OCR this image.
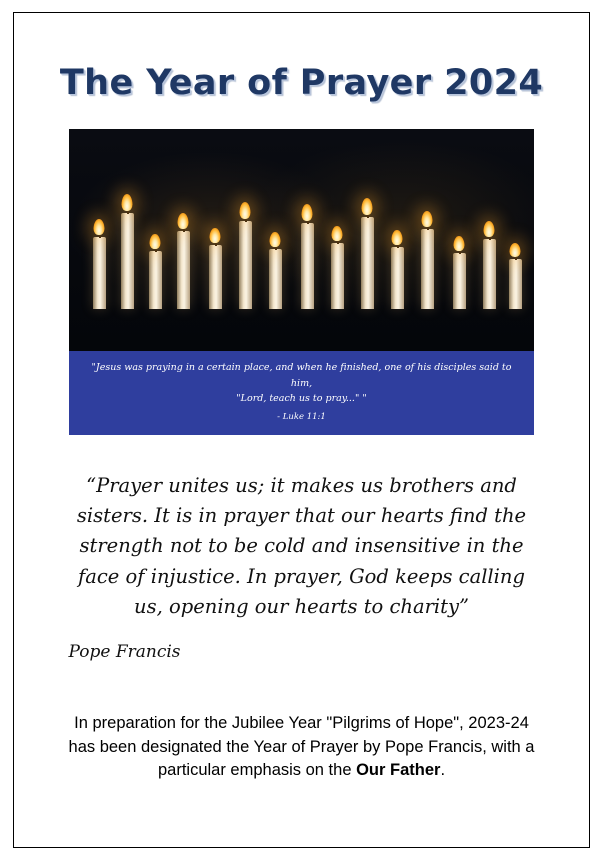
The Year of Prayer 2024
"Jesus was praying in a certain place, and when he finished, one of his disciples said to him,
"Lord, teach us to pray..." "
- Luke 11:1

“Prayer unites us; it makes us brothers and sisters. It is in prayer that our hearts find the strength not to be cold and insensitive in the face of injustice. In prayer, God keeps calling us, opening our hearts to charity”

Pope Francis

In preparation for the Jubilee Year "Pilgrims of Hope", 2023-24 has been designated the Year of Prayer by Pope Francis, with a particular emphasis on the Our Father.
